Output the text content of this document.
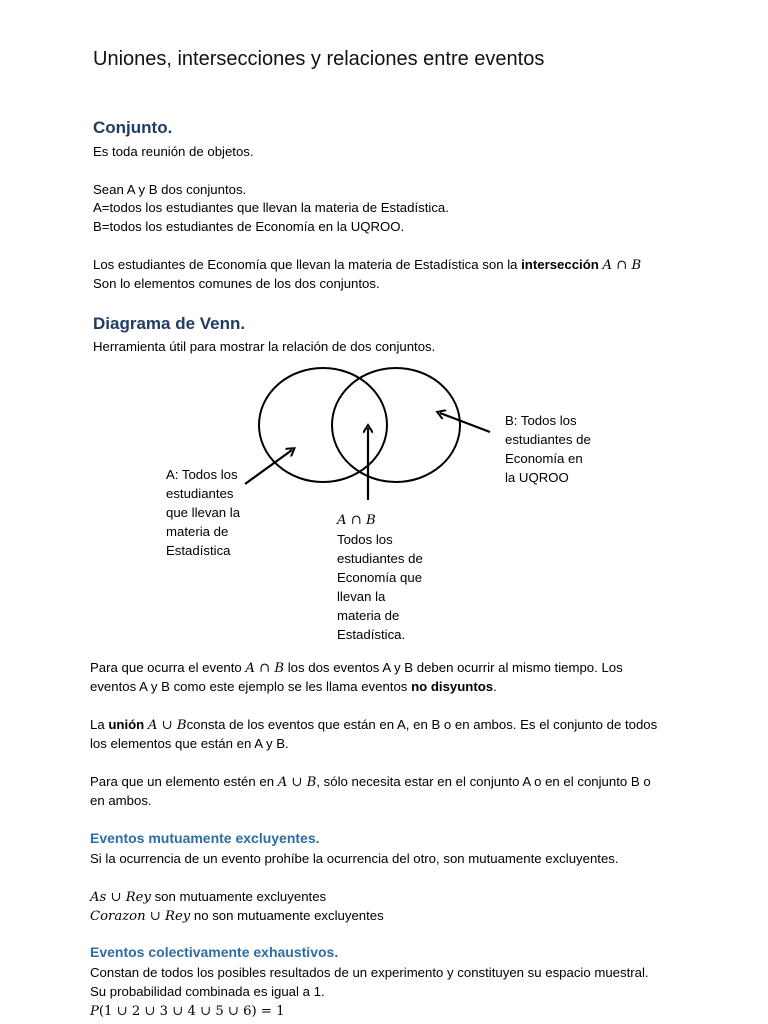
Uniones, intersecciones y relaciones entre eventos
Conjunto.
Es toda reunión de objetos.
Sean A y B dos conjuntos.
A=todos los estudiantes que llevan la materia de Estadística.
B=todos los estudiantes de Economía en la UQROO.
Los estudiantes de Economía que llevan la materia de Estadística son la intersección A ∩ B
Son lo elementos comunes de los dos conjuntos.
Diagrama de Venn.
Herramienta útil para mostrar la relación de dos conjuntos.
A: Todos los
estudiantes
que llevan la
materia de
Estadística
B: Todos los
estudiantes de
Economía en
la UQROO
A ∩ B
Todos los
estudiantes de
Economía que
llevan la
materia de
Estadística.
Para que ocurra el evento A ∩ B los dos eventos A y B deben ocurrir al mismo tiempo. Los
eventos A y B como este ejemplo se les llama eventos no disyuntos.
La unión A ∪ Bconsta de los eventos que están en A, en B o en ambos. Es el conjunto de todos
los elementos que están en A y B.
Para que un elemento estén en A ∪ B, sólo necesita estar en el conjunto A o en el conjunto B o
en ambos.
Eventos mutuamente excluyentes.
Si la ocurrencia de un evento prohíbe la ocurrencia del otro, son mutuamente excluyentes.
As ∪ Rey son mutuamente excluyentes
Corazon ∪ Rey no son mutuamente excluyentes
Eventos colectivamente exhaustivos.
Constan de todos los posibles resultados de un experimento y constituyen su espacio muestral.
Su probabilidad combinada es igual a 1.
P(1 ∪ 2 ∪ 3 ∪ 4 ∪ 5 ∪ 6) = 1
